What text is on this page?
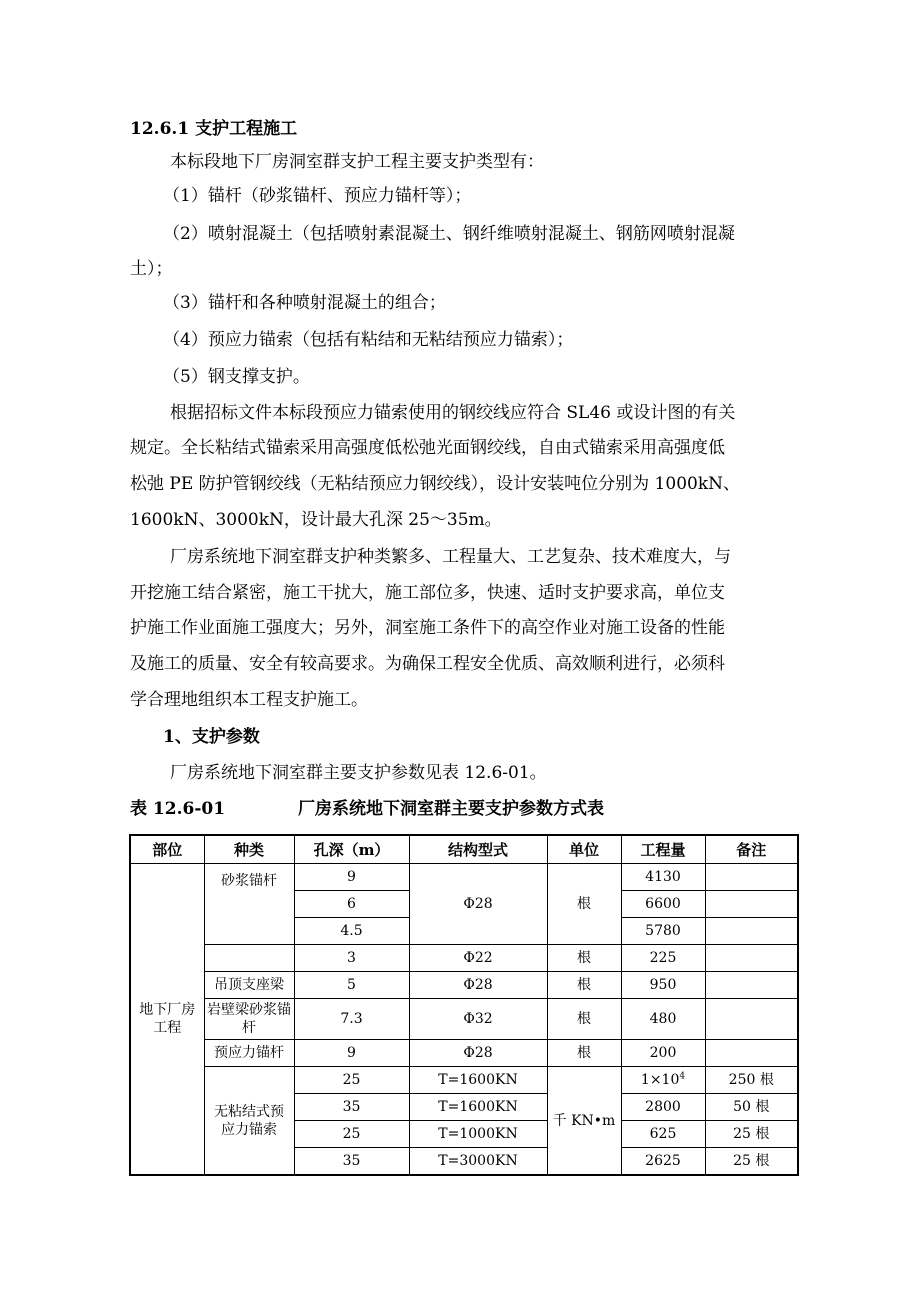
12.6.1 支护工程施工
本标段地下厂房洞室群支护工程主要支护类型有：
（1）锚杆（砂浆锚杆、预应力锚杆等）；
（2）喷射混凝土（包括喷射素混凝土、钢纤维喷射混凝土、钢筋网喷射混凝
土）；
（3）锚杆和各种喷射混凝土的组合；
（4）预应力锚索（包括有粘结和无粘结预应力锚索）；
（5）钢支撑支护。
根据招标文件本标段预应力锚索使用的钢绞线应符合 SL46 或设计图的有关
规定。全长粘结式锚索采用高强度低松弛光面钢绞线，自由式锚索采用高强度低
松弛 PE 防护管钢绞线（无粘结预应力钢绞线），设计安装吨位分别为 1000kN、
1600kN、3000kN，设计最大孔深 25～35m。
厂房系统地下洞室群支护种类繁多、工程量大、工艺复杂、技术难度大，与
开挖施工结合紧密，施工干扰大，施工部位多，快速、适时支护要求高，单位支
护施工作业面施工强度大；另外，洞室施工条件下的高空作业对施工设备的性能
及施工的质量、安全有较高要求。为确保工程安全优质、高效顺利进行，必须科
学合理地组织本工程支护施工。
1、支护参数
厂房系统地下洞室群主要支护参数见表 12.6-01。
表 12.6-01	厂房系统地下洞室群主要支护参数方式表
部位	种类	孔深（m）	结构型式	单位	工程量	备注
地下厂房工程	砂浆锚杆	9	Φ28	根	4130	
		6			6600	
		4.5			5780	
		3	Φ22	根	225	
	吊顶支座梁	5	Φ28	根	950	
	岩壁梁砂浆锚杆	7.3	Φ32	根	480	
	预应力锚杆	9	Φ28	根	200	
	无粘结式预应力锚索	25	T=1600KN	千 KN•m	$1\times 10^4$	250 根
		35	T=1600KN		2800	50 根
		25	T=1000KN		625	25 根
		35	T=3000KN		2625	25 根
